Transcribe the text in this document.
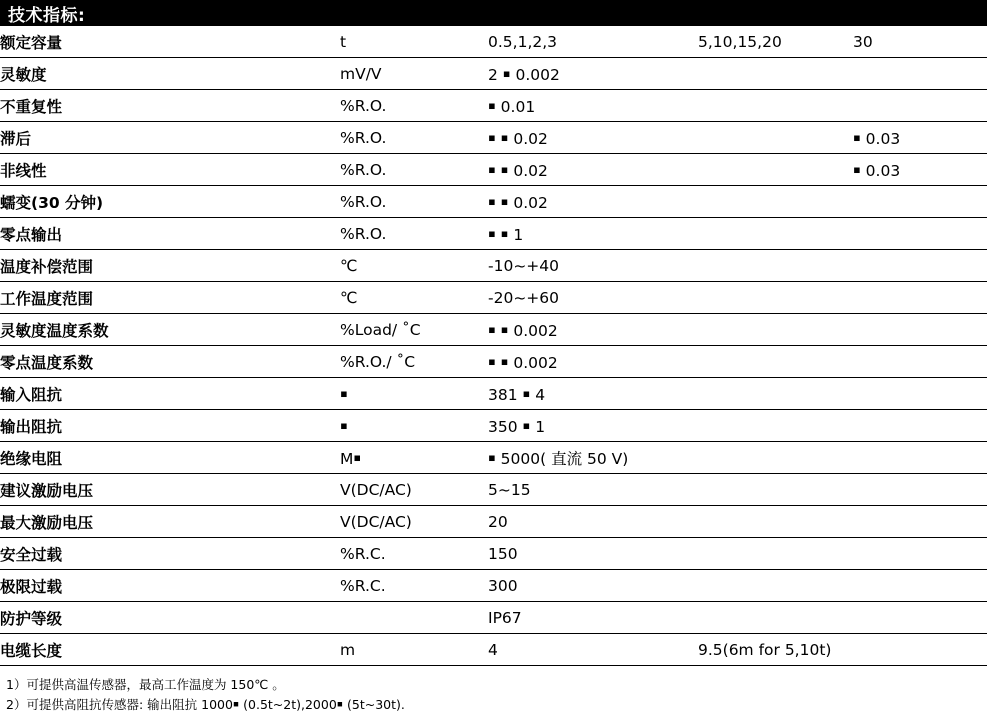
技术指标:
额定容量	t	0.5,1,2,3	5,10,15,20	30
灵敏度	mV/V	2 ￭ 0.002		
不重复性	%R.O.	￭ 0.01		
滞后	%R.O.	￭ ￭ 0.02		￭ 0.03
非线性	%R.O.	￭ ￭ 0.02		￭ 0.03
蠕变(30 分钟)	%R.O.	￭ ￭ 0.02		
零点输出	%R.O.	￭ ￭ 1		
温度补偿范围	℃	-10~+40		
工作温度范围	℃	-20~+60		
灵敏度温度系数	%Load/ ˚C	￭ ￭ 0.002		
零点温度系数	%R.O./ ˚C	￭ ￭ 0.002		
输入阻抗	￭	381 ￭ 4		
输出阻抗	￭	350 ￭ 1		
绝缘电阻	M￭	￭ 5000( 直流 50 V)		
建议激励电压	V(DC/AC)	5~15		
最大激励电压	V(DC/AC)	20		
安全过载	%R.C.	150		
极限过载	%R.C.	300		
防护等级		IP67		
电缆长度	m	4	9.5(6m for 5,10t)	
1）可提供高温传感器，最高工作温度为 150℃ 。
2）可提供高阻抗传感器: 输出阻抗 1000￭ (0.5t~2t),2000￭ (5t~30t).
